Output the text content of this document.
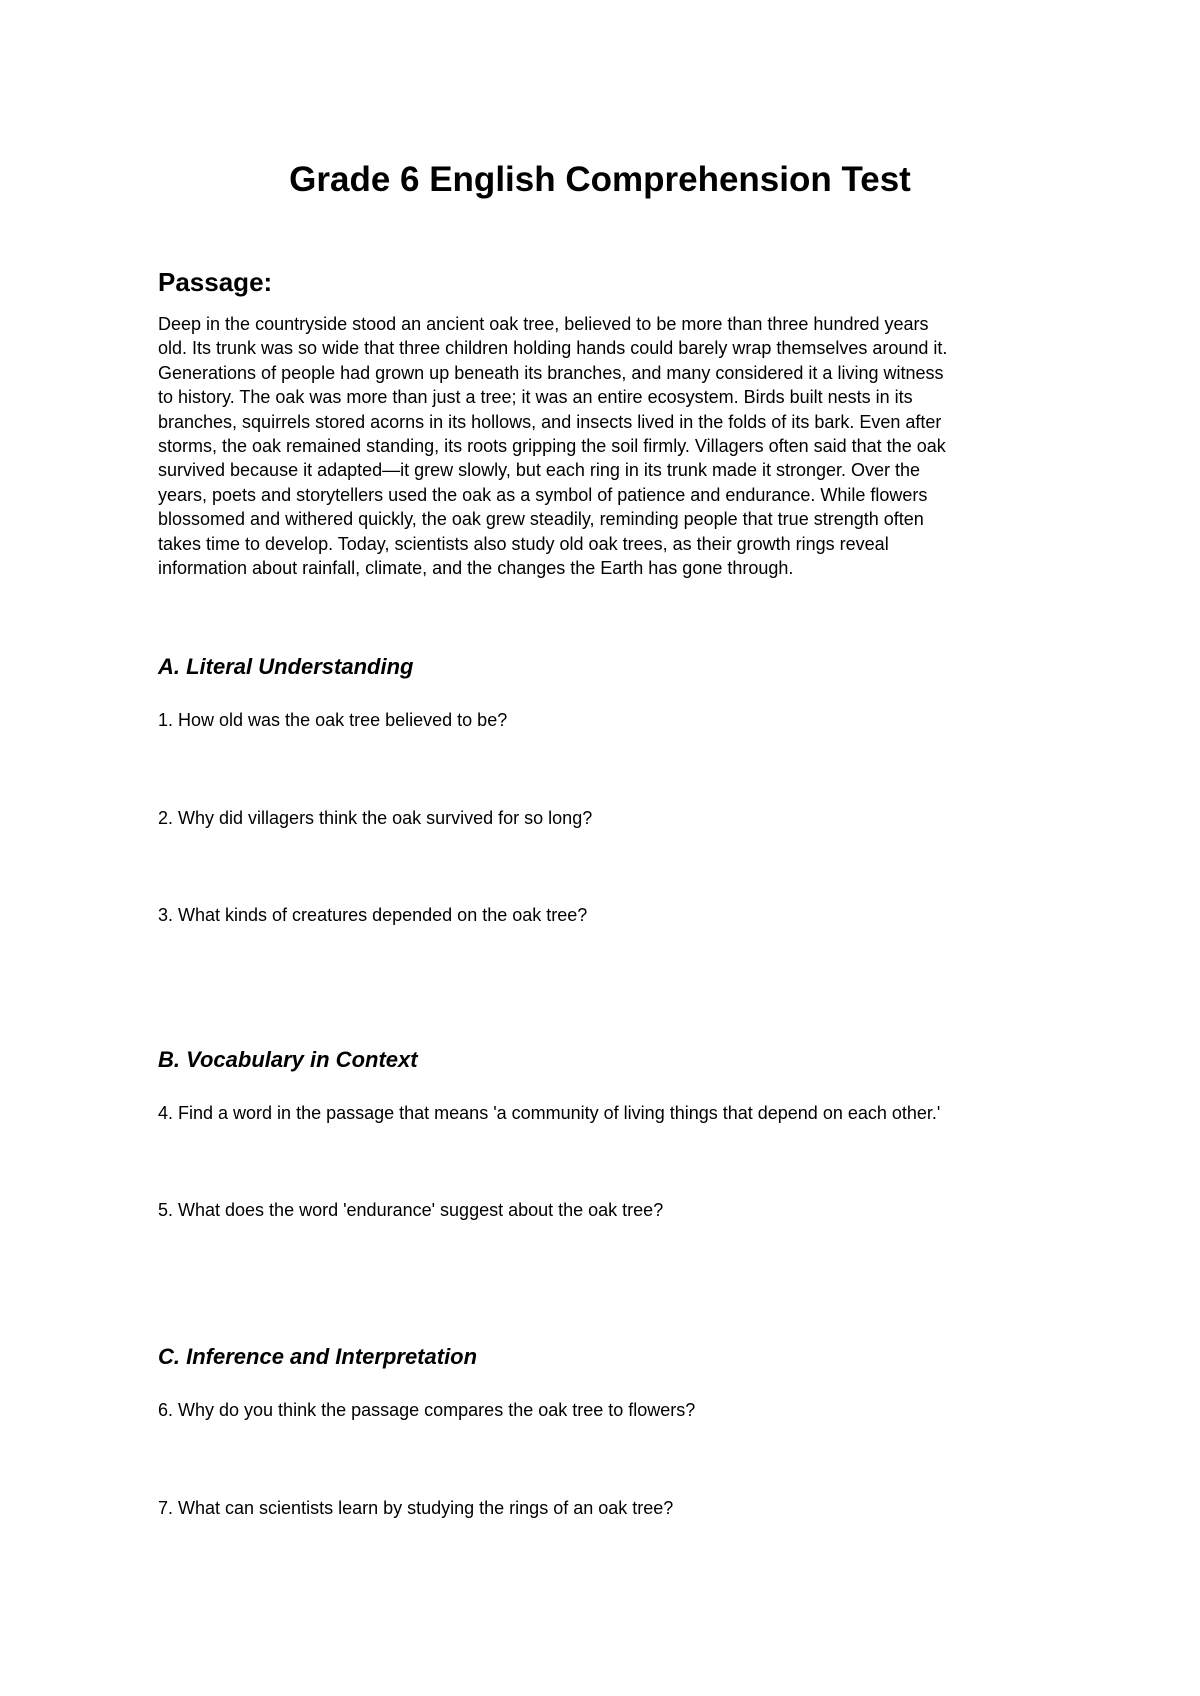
Grade 6 English Comprehension Test
Passage:
Deep in the countryside stood an ancient oak tree, believed to be more than three hundred years
old. Its trunk was so wide that three children holding hands could barely wrap themselves around it.
Generations of people had grown up beneath its branches, and many considered it a living witness
to history. The oak was more than just a tree; it was an entire ecosystem. Birds built nests in its
branches, squirrels stored acorns in its hollows, and insects lived in the folds of its bark. Even after
storms, the oak remained standing, its roots gripping the soil firmly. Villagers often said that the oak
survived because it adapted—it grew slowly, but each ring in its trunk made it stronger. Over the
years, poets and storytellers used the oak as a symbol of patience and endurance. While flowers
blossomed and withered quickly, the oak grew steadily, reminding people that true strength often
takes time to develop. Today, scientists also study old oak trees, as their growth rings reveal
information about rainfall, climate, and the changes the Earth has gone through.
A. Literal Understanding
1. How old was the oak tree believed to be?
2. Why did villagers think the oak survived for so long?
3. What kinds of creatures depended on the oak tree?
B. Vocabulary in Context
4. Find a word in the passage that means 'a community of living things that depend on each other.'
5. What does the word 'endurance' suggest about the oak tree?
C. Inference and Interpretation
6. Why do you think the passage compares the oak tree to flowers?
7. What can scientists learn by studying the rings of an oak tree?
